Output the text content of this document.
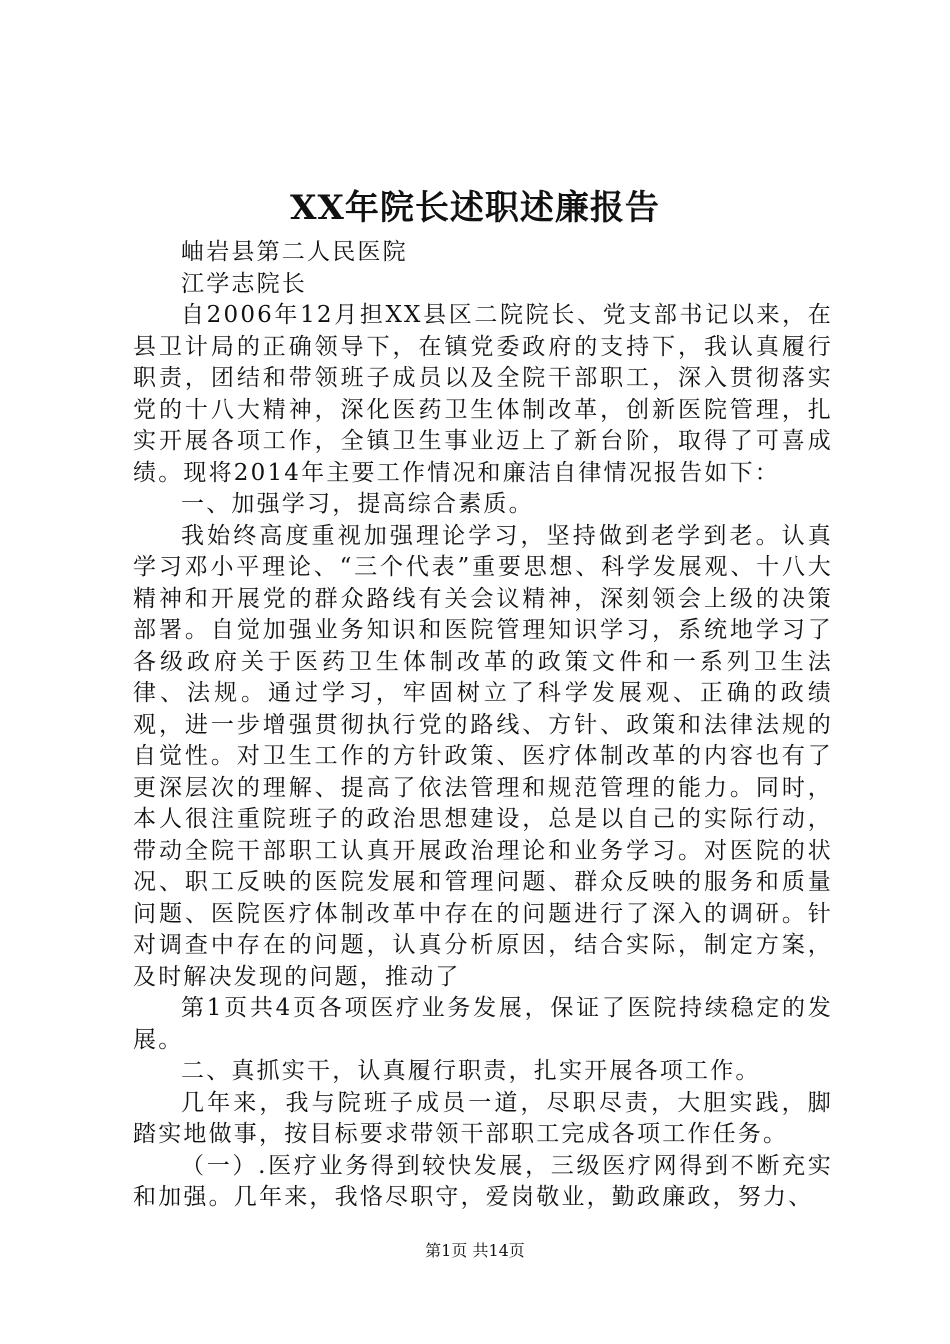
XX年院长述职述廉报告

岫岩县第二人民医院

江学志院长

自2006年12月担XX县区二院院长、党支部书记以来，在县卫计局的正确领导下，在镇党委政府的支持下，我认真履行职责，团结和带领班子成员以及全院干部职工，深入贯彻落实党的十八大精神，深化医药卫生体制改革，创新医院管理，扎实开展各项工作，全镇卫生事业迈上了新台阶，取得了可喜成绩。现将2014年主要工作情况和廉洁自律情况报告如下：

一、加强学习，提高综合素质。

我始终高度重视加强理论学习，坚持做到老学到老。认真学习邓小平理论、“三个代表”重要思想、科学发展观、十八大精神和开展党的群众路线有关会议精神，深刻领会上级的决策部署。自觉加强业务知识和医院管理知识学习，系统地学习了各级政府关于医药卫生体制改革的政策文件和一系列卫生法律、法规。通过学习，牢固树立了科学发展观、正确的政绩观，进一步增强贯彻执行党的路线、方针、政策和法律法规的自觉性。对卫生工作的方针政策、医疗体制改革的内容也有了更深层次的理解、提高了依法管理和规范管理的能力。同时，本人很注重院班子的政治思想建设，总是以自己的实际行动，带动全院干部职工认真开展政治理论和业务学习。对医院的状况、职工反映的医院发展和管理问题、群众反映的服务和质量问题、医院医疗体制改革中存在的问题进行了深入的调研。针对调查中存在的问题，认真分析原因，结合实际，制定方案，及时解决发现的问题，推动了

第1页共4页各项医疗业务发展，保证了医院持续稳定的发展。

二、真抓实干，认真履行职责，扎实开展各项工作。

几年来，我与院班子成员一道，尽职尽责，大胆实践，脚踏实地做事，按目标要求带领干部职工完成各项工作任务。

（一）.医疗业务得到较快发展，三级医疗网得到不断充实和加强。几年来，我恪尽职守，爱岗敬业，勤政廉政，努力、

第1页 共14页
